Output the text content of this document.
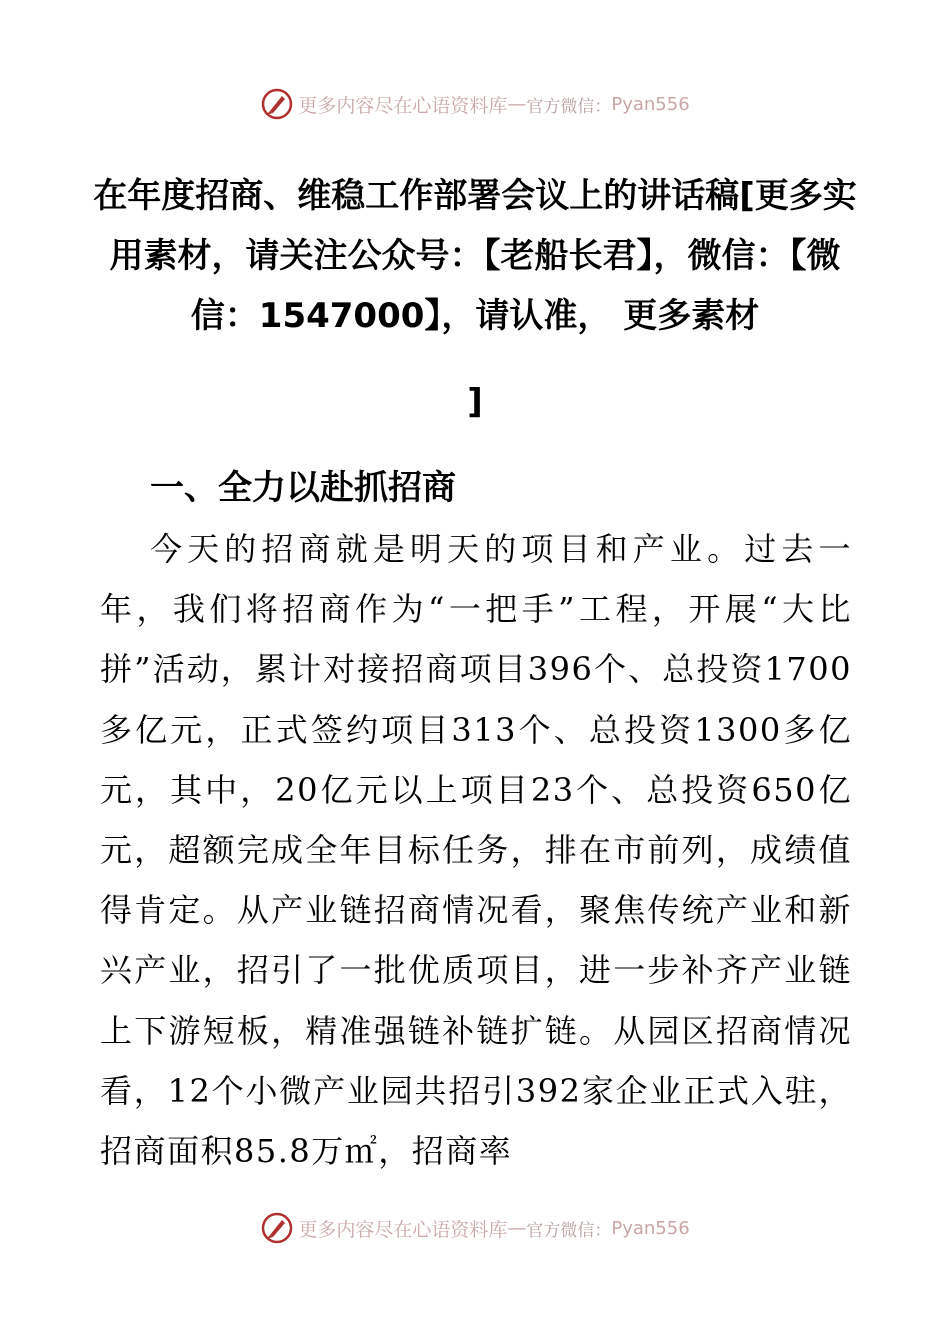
更多内容尽在心语资料库 — 官方微信： Pyan556
在年度招商、维稳工作部署会议上的讲话稿[更多实用素材，请关注公众号：【老船长君】，微信：【微信：1547000】，请认准， 更多素材
]
一、全力以赴抓招商
今天的招商就是明天的项目和产业。过去一年，我们将招商作为“一把手”工程，开展“大比拼”活动，累计对接招商项目396个、总投资1700多亿元，正式签约项目313个、总投资1300多亿元，其中，20亿元以上项目23个、总投资650亿元，超额完成全年目标任务，排在市前列，成绩值得肯定。从产业链招商情况看，聚焦传统产业和新兴产业，招引了一批优质项目，进一步补齐产业链上下游短板，精准强链补链扩链。从园区招商情况看，12个小微产业园共招引392家企业正式入驻，招商面积85.8万㎡，招商率
更多内容尽在心语资料库 — 官方微信： Pyan556
